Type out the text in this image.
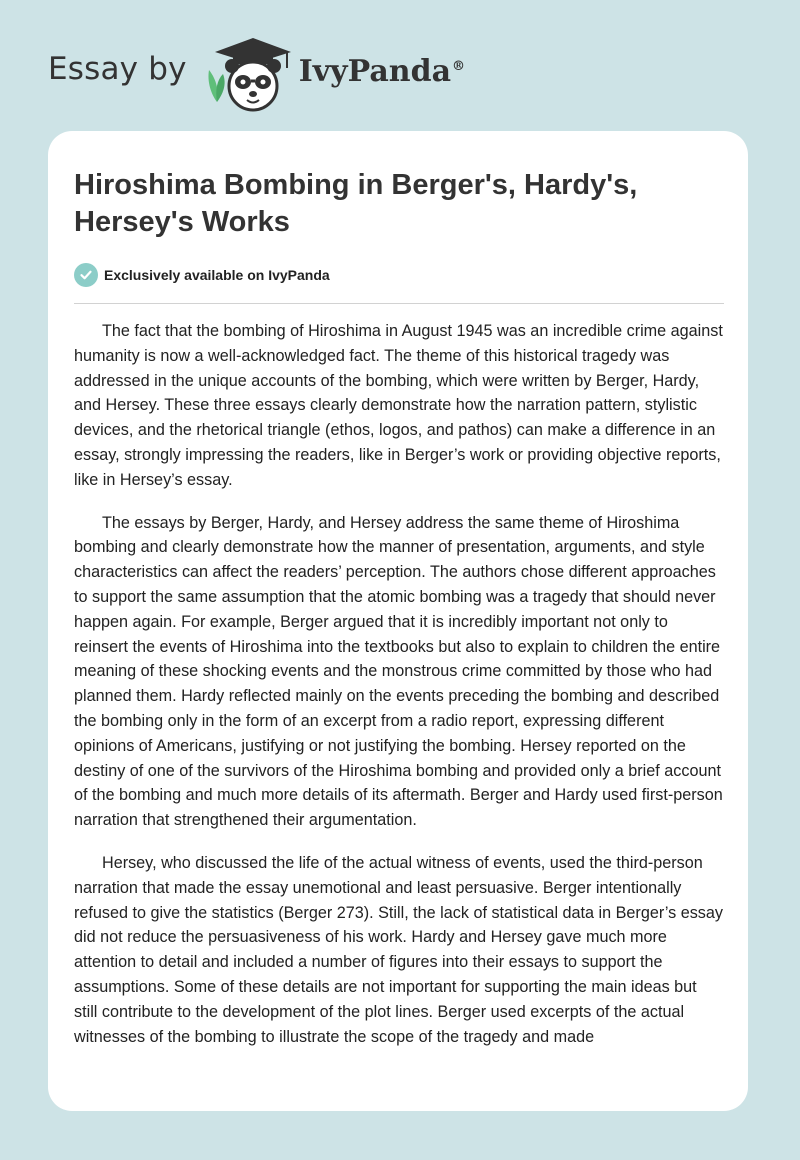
Essay by	IvyPanda®
Hiroshima Bombing in Berger's, Hardy's, Hersey's Works
Exclusively available on IvyPanda

The fact that the bombing of Hiroshima in August 1945 was an incredible crime against humanity is now a well-acknowledged fact. The theme of this historical tragedy was addressed in the unique accounts of the bombing, which were written by Berger, Hardy, and Hersey. These three essays clearly demonstrate how the narration pattern, stylistic devices, and the rhetorical triangle (ethos, logos, and pathos) can make a difference in an essay, strongly impressing the readers, like in Berger’s work or providing objective reports, like in Hersey’s essay.

The essays by Berger, Hardy, and Hersey address the same theme of Hiroshima bombing and clearly demonstrate how the manner of presentation, arguments, and style characteristics can affect the readers’ perception. The authors chose different approaches to support the same assumption that the atomic bombing was a tragedy that should never happen again. For example, Berger argued that it is incredibly important not only to reinsert the events of Hiroshima into the textbooks but also to explain to children the entire meaning of these shocking events and the monstrous crime committed by those who had planned them. Hardy reflected mainly on the events preceding the bombing and described the bombing only in the form of an excerpt from a radio report, expressing different opinions of Americans, justifying or not justifying the bombing. Hersey reported on the destiny of one of the survivors of the Hiroshima bombing and provided only a brief account of the bombing and much more details of its aftermath. Berger and Hardy used first-person narration that strengthened their argumentation.

Hersey, who discussed the life of the actual witness of events, used the third-person narration that made the essay unemotional and least persuasive. Berger intentionally refused to give the statistics (Berger 273). Still, the lack of statistical data in Berger’s essay did not reduce the persuasiveness of his work. Hardy and Hersey gave much more attention to detail and included a number of figures into their essays to support the assumptions. Some of these details are not important for supporting the main ideas but still contribute to the development of the plot lines. Berger used excerpts of the actual witnesses of the bombing to illustrate the scope of the tragedy and made
